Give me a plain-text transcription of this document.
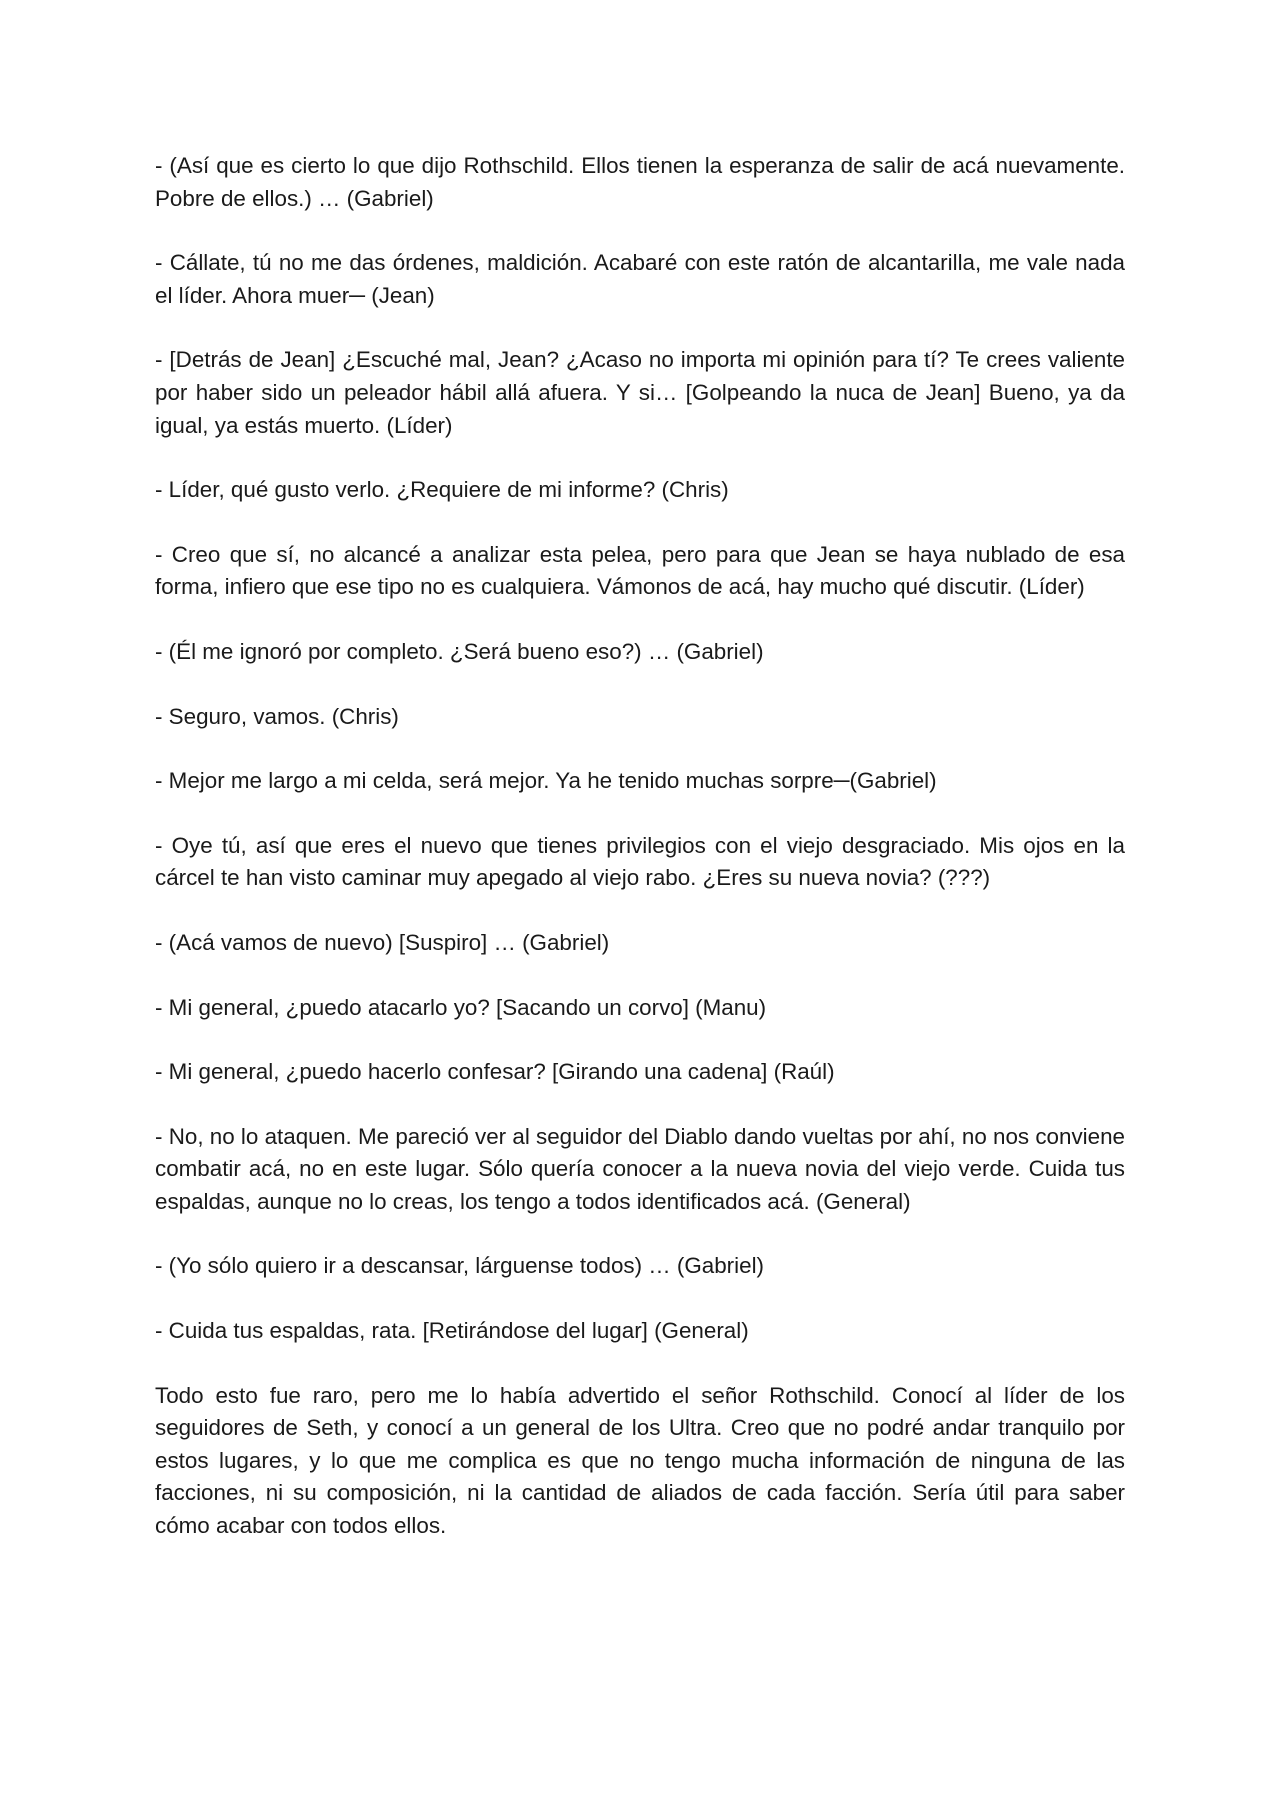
- (Así que es cierto lo que dijo Rothschild. Ellos tienen la esperanza de salir de acá nuevamente. Pobre de ellos.) … (Gabriel)

- Cállate, tú no me das órdenes, maldición. Acabaré con este ratón de alcantarilla, me vale nada el líder. Ahora muer─ (Jean)

- [Detrás de Jean] ¿Escuché mal, Jean? ¿Acaso no importa mi opinión para tí? Te crees valiente por haber sido un peleador hábil allá afuera. Y si… [Golpeando la nuca de Jean] Bueno, ya da igual, ya estás muerto. (Líder)

- Líder, qué gusto verlo. ¿Requiere de mi informe? (Chris)

- Creo que sí, no alcancé a analizar esta pelea, pero para que Jean se haya nublado de esa forma, infiero que ese tipo no es cualquiera. Vámonos de acá, hay mucho qué discutir. (Líder)

- (Él me ignoró por completo. ¿Será bueno eso?) … (Gabriel)

- Seguro, vamos. (Chris)

- Mejor me largo a mi celda, será mejor. Ya he tenido muchas sorpre─(Gabriel)

- Oye tú, así que eres el nuevo que tienes privilegios con el viejo desgraciado. Mis ojos en la cárcel te han visto caminar muy apegado al viejo rabo. ¿Eres su nueva novia? (???)

- (Acá vamos de nuevo) [Suspiro] … (Gabriel)

- Mi general, ¿puedo atacarlo yo? [Sacando un corvo] (Manu)

- Mi general, ¿puedo hacerlo confesar? [Girando una cadena] (Raúl)

- No, no lo ataquen. Me pareció ver al seguidor del Diablo dando vueltas por ahí, no nos conviene combatir acá, no en este lugar. Sólo quería conocer a la nueva novia del viejo verde. Cuida tus espaldas, aunque no lo creas, los tengo a todos identificados acá. (General)

- (Yo sólo quiero ir a descansar, lárguense todos) … (Gabriel)

- Cuida tus espaldas, rata. [Retirándose del lugar] (General)

Todo esto fue raro, pero me lo había advertido el señor Rothschild. Conocí al líder de los seguidores de Seth, y conocí a un general de los Ultra. Creo que no podré andar tranquilo por estos lugares, y lo que me complica es que no tengo mucha información de ninguna de las facciones, ni su composición, ni la cantidad de aliados de cada facción. Sería útil para saber cómo acabar con todos ellos.
